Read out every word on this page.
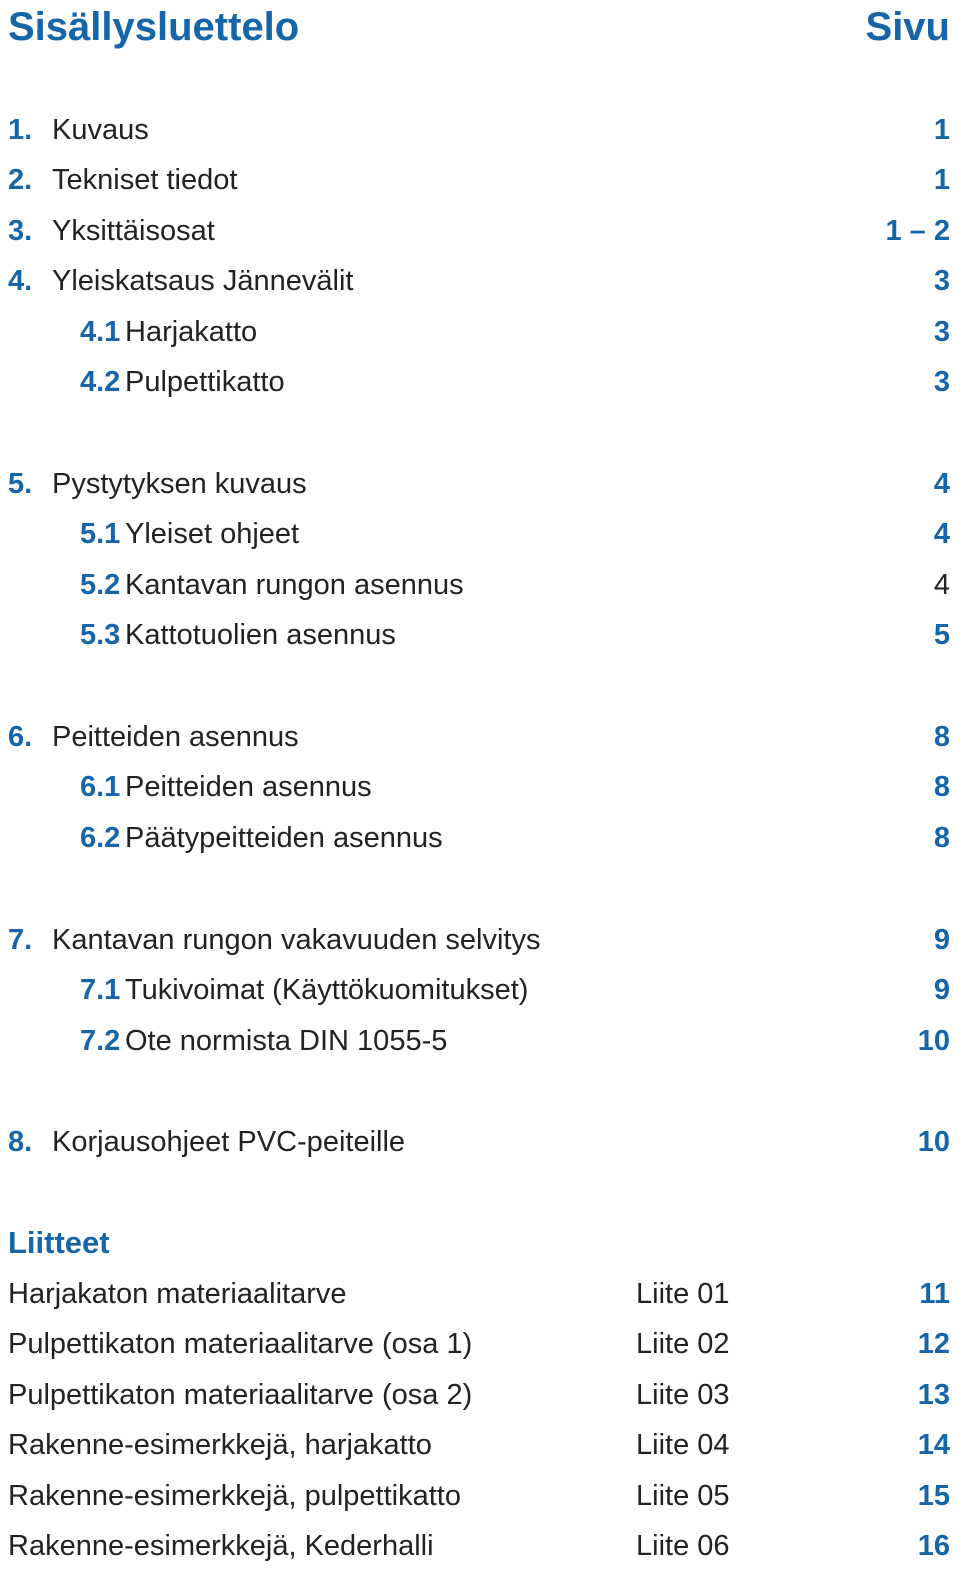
Sisällysluettelo	Sivu
1. Kuvaus	1
2. Tekniset tiedot	1
3. Yksittäisosat	1 – 2
4. Yleiskatsaus Jännevälit	3
4.1 Harjakatto	3
4.2 Pulpettikatto	3
5. Pystytyksen kuvaus	4
5.1 Yleiset ohjeet	4
5.2 Kantavan rungon asennus	4
5.3 Kattotuolien asennus	5
6. Peitteiden asennus	8
6.1 Peitteiden asennus	8
6.2 Päätypeitteiden asennus	8
7. Kantavan rungon vakavuuden selvitys	9
7.1 Tukivoimat (Käyttökuomitukset)	9
7.2 Ote normista DIN 1055-5	10
8. Korjausohjeet PVC-peiteille	10
Liitteet
Harjakaton materiaalitarve	Liite 01	11
Pulpettikaton materiaalitarve (osa 1)	Liite 02	12
Pulpettikaton materiaalitarve (osa 2)	Liite 03	13
Rakenne-esimerkkejä, harjakatto	Liite 04	14
Rakenne-esimerkkejä, pulpettikatto	Liite 05	15
Rakenne-esimerkkejä, Kederhalli	Liite 06	16
